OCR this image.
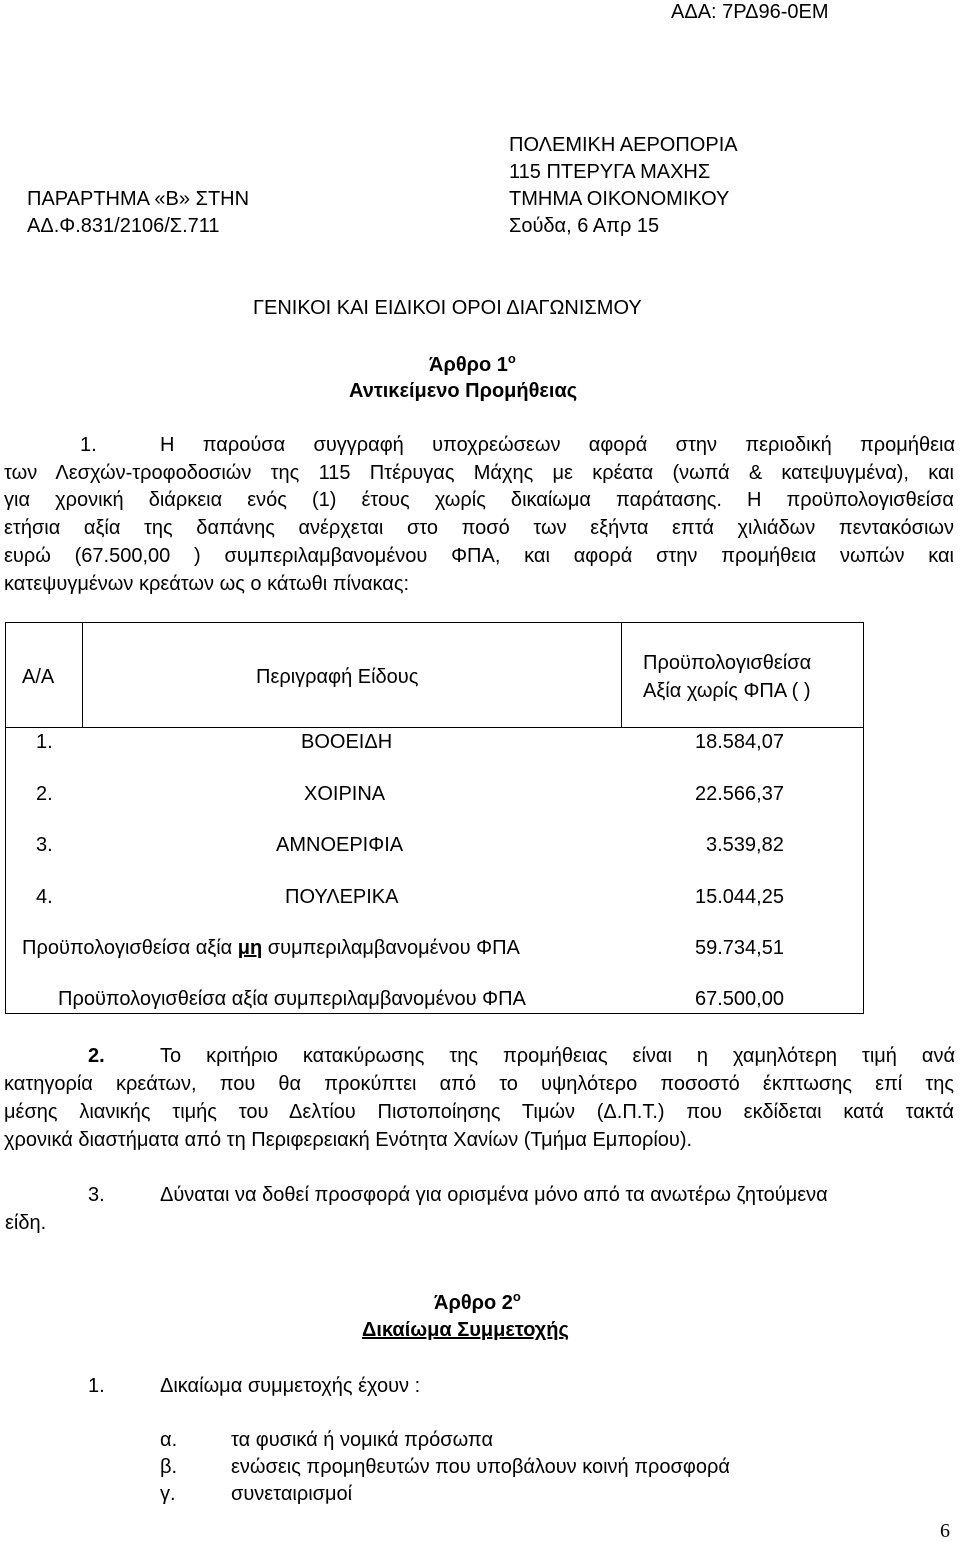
ΑΔΑ: 7ΡΔ96-0ΕΜ
ΠΟΛΕΜΙΚΗ ΑΕΡΟΠΟΡΙΑ
115 ΠΤΕΡΥΓΑ ΜΑΧΗΣ
ΤΜΗΜΑ ΟΙΚΟΝΟΜΙΚΟΥ
Σούδα, 6 Απρ 15
ΠΑΡΑΡΤΗΜΑ «Β» ΣΤΗΝ
ΑΔ.Φ.831/2106/Σ.711
ΓΕΝΙΚΟΙ ΚΑΙ ΕΙΔΙΚΟΙ ΟΡΟΙ ΔΙΑΓΩΝΙΣΜΟΥ
Άρθρο $1^o$
Αντικείμενο Προμήθειας
1.	Η παρούσα συγγραφή υποχρεώσεων αφορά στην περιοδική προμήθεια
των Λεσχών-τροφοδοσιών της 115 Πτέρυγας Μάχης με κρέατα (νωπά & κατεψυγμένα), και
για χρονική διάρκεια ενός (1) έτους χωρίς δικαίωμα παράτασης. Η προϋπολογισθείσα
ετήσια αξία της δαπάνης ανέρχεται στο ποσό των εξήντα επτά χιλιάδων πεντακόσιων
ευρώ (67.500,00 ) συμπεριλαμβανομένου ΦΠΑ, και αφορά στην προμήθεια νωπών και
κατεψυγμένων κρεάτων ως ο κάτωθι πίνακας:
Α/Α	Περιγραφή Είδους
Προϋπολογισθείσα
Αξία χωρίς ΦΠΑ ( )
1.	ΒΟΟΕΙΔΗ	18.584,07
2.	ΧΟΙΡΙΝΑ	22.566,37
3.	ΑΜΝΟΕΡΙΦΙΑ	3.539,82
4.	ΠΟΥΛΕΡΙΚΑ	15.044,25
Προϋπολογισθείσα αξία μη συμπεριλαμβανομένου ΦΠΑ	59.734,51
Προϋπολογισθείσα αξία συμπεριλαμβανομένου ΦΠΑ	67.500,00
2.	Το κριτήριο κατακύρωσης της προμήθειας είναι η χαμηλότερη τιμή ανά
κατηγορία κρεάτων, που θα προκύπτει από το υψηλότερο ποσοστό έκπτωσης επί της
μέσης λιανικής τιμής του Δελτίου Πιστοποίησης Τιμών (Δ.Π.Τ.) που εκδίδεται κατά τακτά
χρονικά διαστήματα από τη Περιφερειακή Ενότητα Χανίων (Τμήμα Εμπορίου).
3.	Δύναται να δοθεί προσφορά για ορισμένα μόνο από τα ανωτέρω ζητούμενα
είδη.
Άρθρο $2^o$
Δικαίωμα Συμμετοχής
1.	Δικαίωμα συμμετοχής έχουν :
α.	τα φυσικά ή νομικά πρόσωπα
β.	ενώσεις προμηθευτών που υποβάλουν κοινή προσφορά
γ.	συνεταιρισμοί
6
